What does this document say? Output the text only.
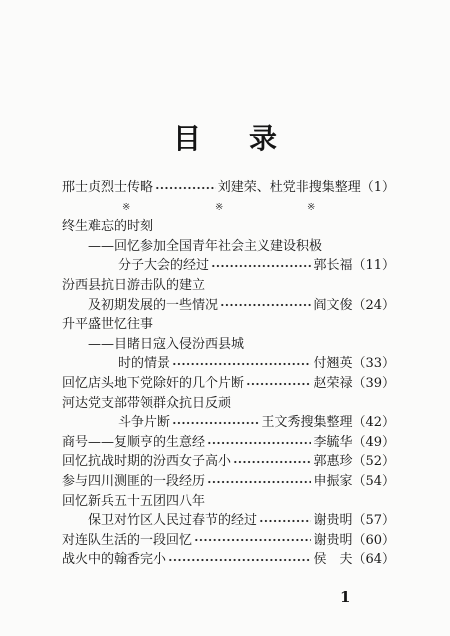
目　录
邢士贞烈士传略	刘建荣、杜党非搜集整理 （1）
※	※	※
终生难忘的时刻
——回忆参加全国青年社会主义建设积极
分子大会的经过	郭长福 （11）
汾西县抗日游击队的建立
及初期发展的一些情况	阎文俊 （24）
升平盛世忆往事
——目睹日寇入侵汾西县城
时的情景	付翘英 （33）
回忆店头地下党除奸的几个片断	赵荣禄 （39）
河达党支部带领群众抗日反顽
斗争片断	王文秀搜集整理 （42）
商号——复顺亨的生意经	李毓华 （49）
回忆抗战时期的汾西女子高小	郭惠珍 （52）
参与四川测匪的一段经历	申振家 （54）
回忆新兵五十五团四八年
保卫对竹区人民过春节的经过	谢贵明 （57）
对连队生活的一段回忆	谢贵明 （60）
战火中的翰香完小	侯　夫 （64）
1
